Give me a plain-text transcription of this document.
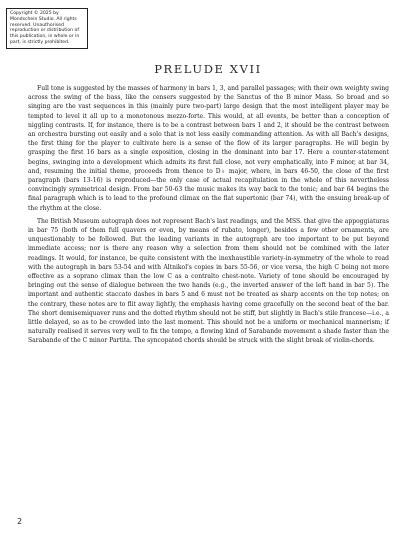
Copyright © 2025 by Mondschein Studio. All rights reserved. Unauthorised reproduction or distribution of this publication, in whole or in part, is strictly prohibited.
PRELUDE XVII

Full tone is suggested by the masses of harmony in bars 1, 3, and parallel passages; with their own weighty swing across the swing of the bass, like the censers suggested by the Sanctus of the B minor Mass. So broad and so singing are the vast sequences in this (mainly pure two-part) large design that the most intelligent player may be tempted to level it all up to a monotonous mezzo-forte. This would, at all events, be better than a conception of niggling contrasts. If, for instance, there is to be a contrast between bars 1 and 2, it should be the contrast between an orchestra bursting out easily and a solo that is not less easily commanding attention. As with all Bach's designs, the first thing for the player to cultivate here is a sense of the flow of its larger paragraphs. He will begin by grasping the first 16 bars as a single exposition, closing in the dominant into bar 17. Here a counter-statement begins, swinging into a development which admits its first full close, not very emphatically, into F minor, at bar 34, and, resuming the initial theme, proceeds from thence to D♭ major, where, in bars 46-50, the close of the first paragraph (bars 13-16) is reproduced—the only case of actual recapitulation in the whole of this nevertheless convincingly symmetrical design. From bar 50-63 the music makes its way back to the tonic; and bar 64 begins the final paragraph which is to lead to the profound climax on the flat supertonic (bar 74), with the ensuing break-up of the rhythm at the close.

The British Museum autograph does not represent Bach's last readings, and the MSS. that give the appoggiaturas in bar 75 (both of them full quavers or even, by means of rubato, longer), besides a few other ornaments, are unquestionably to be followed. But the leading variants in the autograph are too important to be put beyond immediate access; nor is there any reason why a selection from them should not be combined with the later readings. It would, for instance, be quite consistent with the inexhaustible variety-in-symmetry of the whole to read with the autograph in bars 53-54 and with Altnikol's copies in bars 55-56, or vice versa, the high C being not more effective as a soprano climax than the low C as a contralto chest-note. Variety of tone should be encouraged by bringing out the sense of dialogue between the two hands (e.g., the inverted answer of the left hand in bar 5). The important and authentic staccato dashes in bars 5 and 6 must not be treated as sharp accents on the top notes; on the contrary, these notes are to flit away lightly, the emphasis having come gracefully on the second beat of the bar. The short demisemiquaver runs and the dotted rhythm should not be stiff, but slightly in Bach's stile francese—i.e., a little delayed, so as to be crowded into the last moment. This should not be a uniform or mechanical mannerism; if naturally realised it serves very well to fix the tempo, a flowing kind of Sarabande movement a shade faster than the Sarabande of the C minor Partita. The syncopated chords should be struck with the slight break of violin-chords.

2
